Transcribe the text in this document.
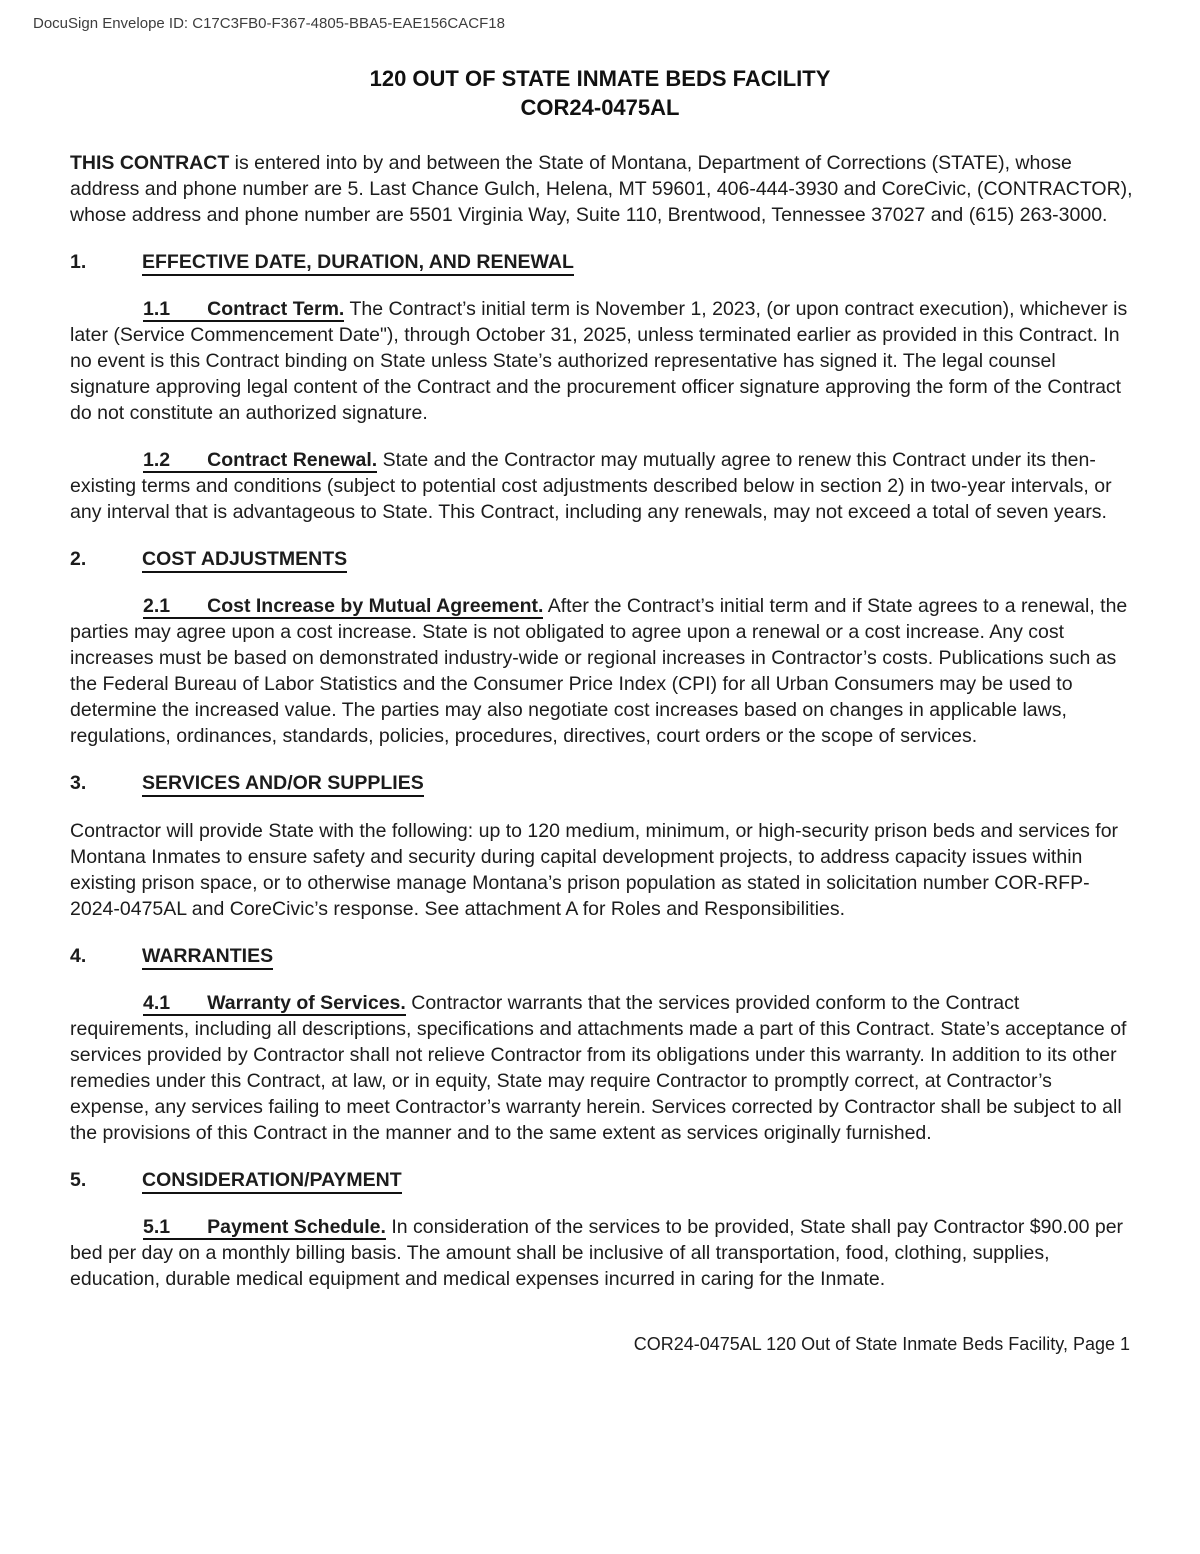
DocuSign Envelope ID: C17C3FB0-F367-4805-BBA5-EAE156CACF18
120 OUT OF STATE INMATE BEDS FACILITY
COR24-0475AL

THIS CONTRACT is entered into by and between the State of Montana, Department of Corrections (STATE), whose address and phone number are 5. Last Chance Gulch, Helena, MT 59601, 406-444-3930 and CoreCivic, (CONTRACTOR), whose address and phone number are 5501 Virginia Way, Suite 110, Brentwood, Tennessee 37027 and (615) 263-3000.

1.	EFFECTIVE DATE, DURATION, AND RENEWAL

1.1 Contract Term. The Contract’s initial term is November 1, 2023, (or upon contract execution), whichever is later (Service Commencement Date"), through October 31, 2025, unless terminated earlier as provided in this Contract. In no event is this Contract binding on State unless State’s authorized representative has signed it. The legal counsel signature approving legal content of the Contract and the procurement officer signature approving the form of the Contract do not constitute an authorized signature.

1.2 Contract Renewal. State and the Contractor may mutually agree to renew this Contract under its then-existing terms and conditions (subject to potential cost adjustments described below in section 2) in two-year intervals, or any interval that is advantageous to State. This Contract, including any renewals, may not exceed a total of seven years.

2.	COST ADJUSTMENTS

2.1 Cost Increase by Mutual Agreement. After the Contract’s initial term and if State agrees to a renewal, the parties may agree upon a cost increase. State is not obligated to agree upon a renewal or a cost increase. Any cost increases must be based on demonstrated industry-wide or regional increases in Contractor’s costs. Publications such as the Federal Bureau of Labor Statistics and the Consumer Price Index (CPI) for all Urban Consumers may be used to determine the increased value. The parties may also negotiate cost increases based on changes in applicable laws, regulations, ordinances, standards, policies, procedures, directives, court orders or the scope of services.

3.	SERVICES AND/OR SUPPLIES

Contractor will provide State with the following: up to 120 medium, minimum, or high-security prison beds and services for Montana Inmates to ensure safety and security during capital development projects, to address capacity issues within existing prison space, or to otherwise manage Montana’s prison population as stated in solicitation number COR-RFP-2024-0475AL and CoreCivic’s response. See attachment A for Roles and Responsibilities.

4.	WARRANTIES

4.1 Warranty of Services. Contractor warrants that the services provided conform to the Contract requirements, including all descriptions, specifications and attachments made a part of this Contract. State’s acceptance of services provided by Contractor shall not relieve Contractor from its obligations under this warranty. In addition to its other remedies under this Contract, at law, or in equity, State may require Contractor to promptly correct, at Contractor’s expense, any services failing to meet Contractor’s warranty herein. Services corrected by Contractor shall be subject to all the provisions of this Contract in the manner and to the same extent as services originally furnished.

5.	CONSIDERATION/PAYMENT

5.1 Payment Schedule. In consideration of the services to be provided, State shall pay Contractor $90.00 per bed per day on a monthly billing basis. The amount shall be inclusive of all transportation, food, clothing, supplies, education, durable medical equipment and medical expenses incurred in caring for the Inmate.

COR24-0475AL 120 Out of State Inmate Beds Facility, Page 1
